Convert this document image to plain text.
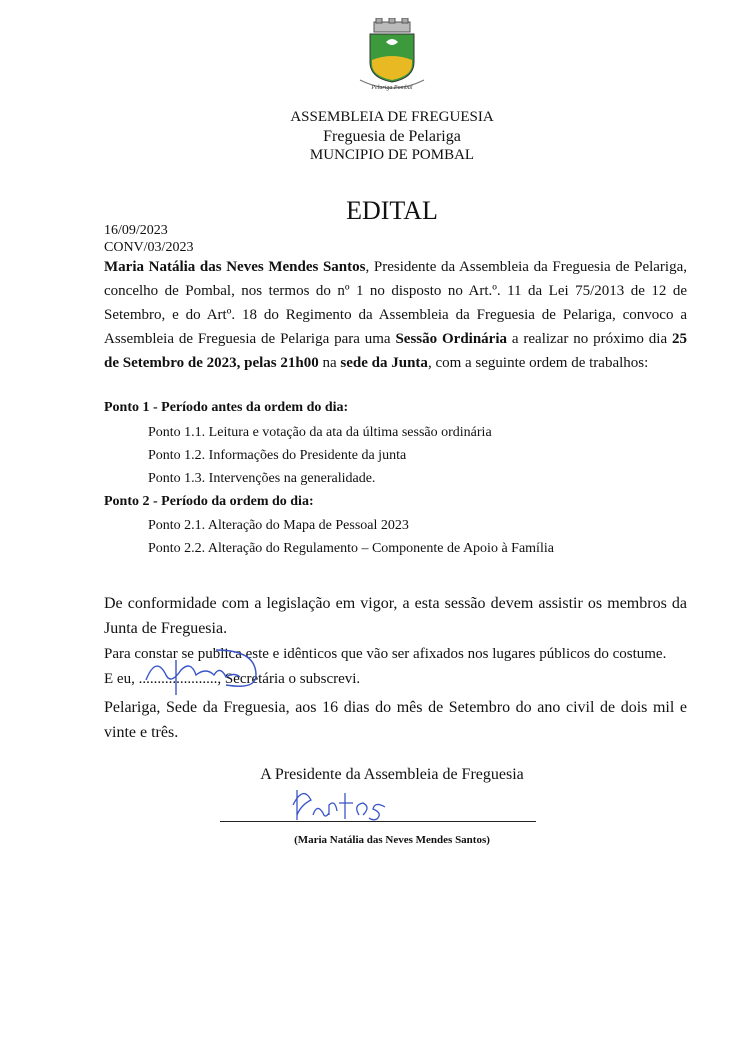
Pelariga Pombal
ASSEMBLEIA DE FREGUESIA
Freguesia de Pelariga
MUNCIPIO DE POMBAL
EDITAL
16/09/2023
CONV/03/2023
Maria Natália das Neves Mendes Santos, Presidente da Assembleia da Freguesia de Pelariga, concelho de Pombal, nos termos do nº 1 no disposto no Art.º. 11 da Lei 75/2013 de 12 de Setembro, e do Artº. 18 do Regimento da Assembleia da Freguesia de Pelariga, convoco a Assembleia de Freguesia de Pelariga para uma Sessão Ordinária a realizar no próximo dia 25 de Setembro de 2023, pelas 21h00 na sede da Junta, com a seguinte ordem de trabalhos:
Ponto 1 - Período antes da ordem do dia:
Ponto 1.1. Leitura e votação da ata da última sessão ordinária
Ponto 1.2. Informações do Presidente da junta
Ponto 1.3. Intervenções na generalidade.
Ponto 2 - Período da ordem do dia:
Ponto 2.1. Alteração do Mapa de Pessoal 2023
Ponto 2.2. Alteração do Regulamento – Componente de Apoio à Família
De conformidade com a legislação em vigor, a esta sessão devem assistir os membros da Junta de Freguesia.
Para constar se publica este e idênticos que vão ser afixados nos lugares públicos do costume.
E eu, ....................., Secretária o subscrevi.
Pelariga, Sede da Freguesia, aos 16 dias do mês de Setembro do ano civil de dois mil e vinte e três.
A Presidente da Assembleia de Freguesia
(Maria Natália das Neves Mendes Santos)
